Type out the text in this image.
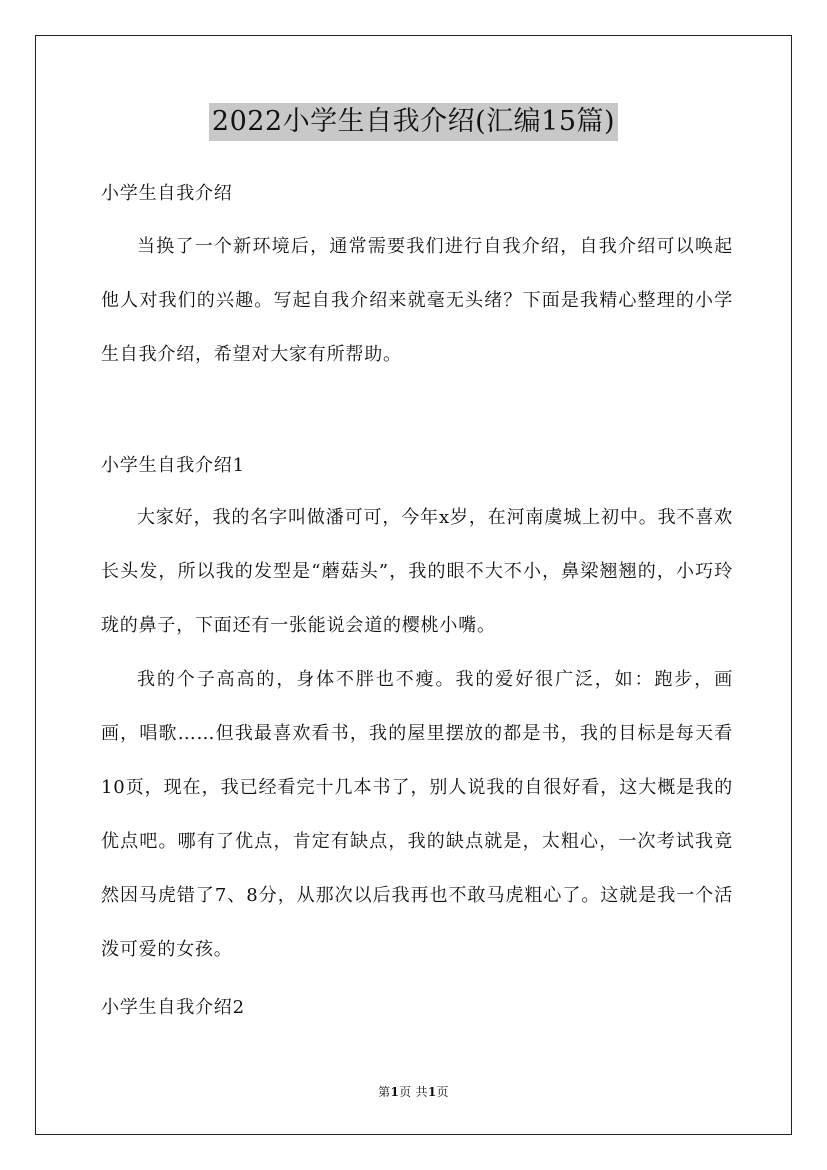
2022小学生自我介绍(汇编15篇)
小学生自我介绍

当换了一个新环境后，通常需要我们进行自我介绍，自我介绍可以唤起他人对我们的兴趣。写起自我介绍来就毫无头绪？下面是我精心整理的小学生自我介绍，希望对大家有所帮助。

小学生自我介绍1

大家好，我的名字叫做潘可可，今年x岁，在河南虞城上初中。我不喜欢长头发，所以我的发型是“蘑菇头”，我的眼不大不小，鼻梁翘翘的，小巧玲珑的鼻子，下面还有一张能说会道的樱桃小嘴。

我的个子高高的，身体不胖也不瘦。我的爱好很广泛，如：跑步，画画，唱歌……但我最喜欢看书，我的屋里摆放的都是书，我的目标是每天看10页，现在，我已经看完十几本书了，别人说我的自很好看，这大概是我的优点吧。哪有了优点，肯定有缺点，我的缺点就是，太粗心，一次考试我竟然因马虎错了7、8分，从那次以后我再也不敢马虎粗心了。这就是我一个活泼可爱的女孩。

小学生自我介绍2
第1页 共1页
